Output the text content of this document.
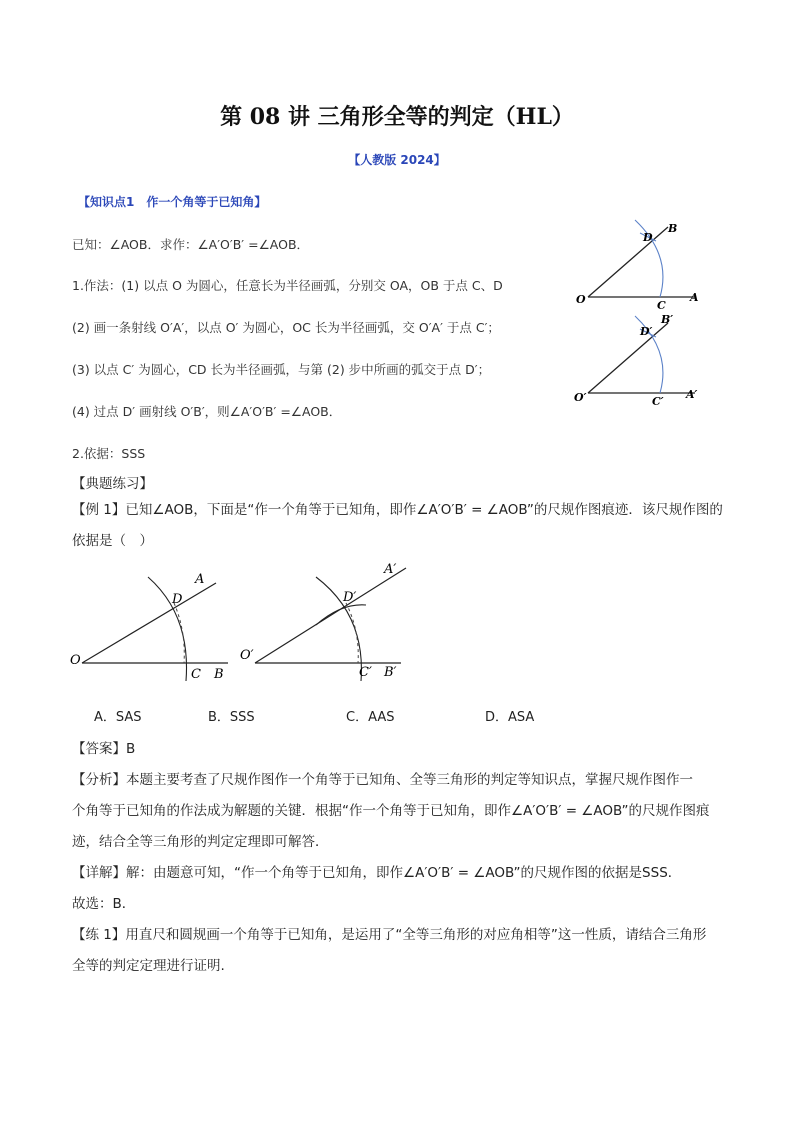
第 08 讲 三角形全等的判定（HL）
【人教版 2024】
【知识点1　作一个角等于已知角】
已知：∠AOB．求作：∠A′O′B′ =∠AOB．
1.作法：(1) 以点 O 为圆心，任意长为半径画弧，分别交 OA，OB 于点 C、D
(2) 画一条射线 O′A′，以点 O′ 为圆心，OC 长为半径画弧，交 O′A′ 于点 C′；
(3) 以点 C′ 为圆心，CD 长为半径画弧，与第 (2) 步中所画的弧交于点 D′；
(4) 过点 D′ 画射线 O′B′，则∠A′O′B′ =∠AOB．
2.依据：SSS
【典题练习】
O	C
A
D
B
O′	C′
A′
D′
B′
【例 1】已知∠AOB，下面是“作一个角等于已知角，即作∠A′O′B′ = ∠AOB”的尺规作图痕迹．该尺规作图的
依据是（　）
O
D
A
C B
O′
D′
A′
C′ B′
A．SAS	B．SSS	C．AAS	D．ASA
【答案】B
【分析】本题主要考查了尺规作图作一个角等于已知角、全等三角形的判定等知识点，掌握尺规作图作一
个角等于已知角的作法成为解题的关键．根据“作一个角等于已知角，即作∠A′O′B′ = ∠AOB”的尺规作图痕
迹，结合全等三角形的判定定理即可解答．
【详解】解：由题意可知，“作一个角等于已知角，即作∠A′O′B′ = ∠AOB”的尺规作图的依据是SSS．
故选：B．
【练 1】用直尺和圆规画一个角等于已知角，是运用了“全等三角形的对应角相等”这一性质，请结合三角形
全等的判定定理进行证明.
